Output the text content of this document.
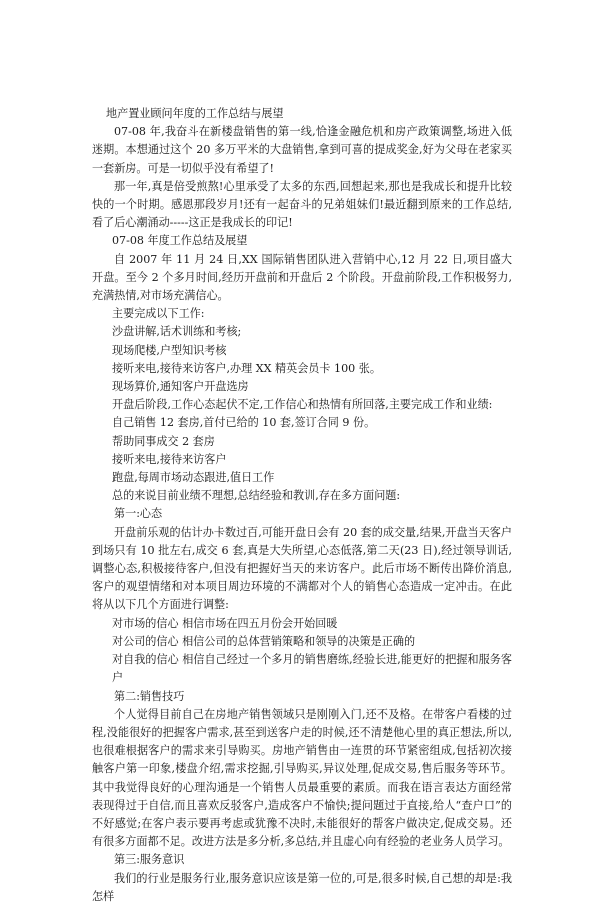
地产置业顾问年度的工作总结与展望

07-08 年,我奋斗在新楼盘销售的第一线,恰逢金融危机和房产政策调整,场进入低迷期。本想通过这个 20 多万平米的大盘销售,拿到可喜的提成奖金,好为父母在老家买一套新房。可是一切似乎没有希望了!

那一年,真是倍受煎熬!心里承受了太多的东西,回想起来,那也是我成长和提升比较快的一个时期。感恩那段岁月!还有一起奋斗的兄弟姐妹们!最近翻到原来的工作总结,看了后心潮涌动-----这正是我成长的印记!

07-08 年度工作总结及展望

自 2007 年 11 月 24 日,XX 国际销售团队进入营销中心,12 月 22 日,项目盛大开盘。至今 2 个多月时间,经历开盘前和开盘后 2 个阶段。开盘前阶段,工作积极努力,充满热情,对市场充满信心。

主要完成以下工作:

沙盘讲解,话术训练和考核;

现场爬楼,户型知识考核

接听来电,接待来访客户,办理 XX 精英会员卡 100 张。

现场算价,通知客户开盘选房

开盘后阶段,工作心态起伏不定,工作信心和热情有所回落,主要完成工作和业绩:

自己销售 12 套房,首付已给的 10 套,签订合同 9 份。

帮助同事成交 2 套房

接听来电,接待来访客户

跑盘,每周市场动态跟进,值日工作

总的来说目前业绩不理想,总结经验和教训,存在多方面问题:

第一:心态

开盘前乐观的估计办卡数过百,可能开盘日会有 20 套的成交量,结果,开盘当天客户到场只有 10 批左右,成交 6 套,真是大失所望,心态低落,第二天(23 日),经过领导训话,调整心态,积极接待客户,但没有把握好当天的来访客户。此后市场不断传出降价消息,客户的观望情绪和对本项目周边环境的不满都对个人的销售心态造成一定冲击。在此将从以下几个方面进行调整:

对市场的信心 相信市场在四五月份会开始回暖

对公司的信心 相信公司的总体营销策略和领导的决策是正确的

对自我的信心 相信自己经过一个多月的销售磨练,经验长进,能更好的把握和服务客户

第二:销售技巧

个人觉得目前自己在房地产销售领域只是刚刚入门,还不及格。在带客户看楼的过程,没能很好的把握客户需求,甚至到送客户走的时候,还不清楚他心里的真正想法,所以,也很难根据客户的需求来引导购买。房地产销售由一连贯的环节紧密组成,包括初次接触客户第一印象,楼盘介绍,需求挖掘,引导购买,异议处理,促成交易,售后服务等环节。其中我觉得良好的心理沟通是一个销售人员最重要的素质。而我在语言表达方面经常表现得过于自信,而且喜欢反驳客户,造成客户不愉快;提问题过于直接,给人“查户口”的不好感觉;在客户表示要再考虑或犹豫不决时,未能很好的帮客户做决定,促成交易。还有很多方面都不足。改进方法是多分析,多总结,并且虚心向有经验的老业务人员学习。

第三:服务意识

我们的行业是服务行业,服务意识应该是第一位的,可是,很多时候,自己想的却是:我怎样
